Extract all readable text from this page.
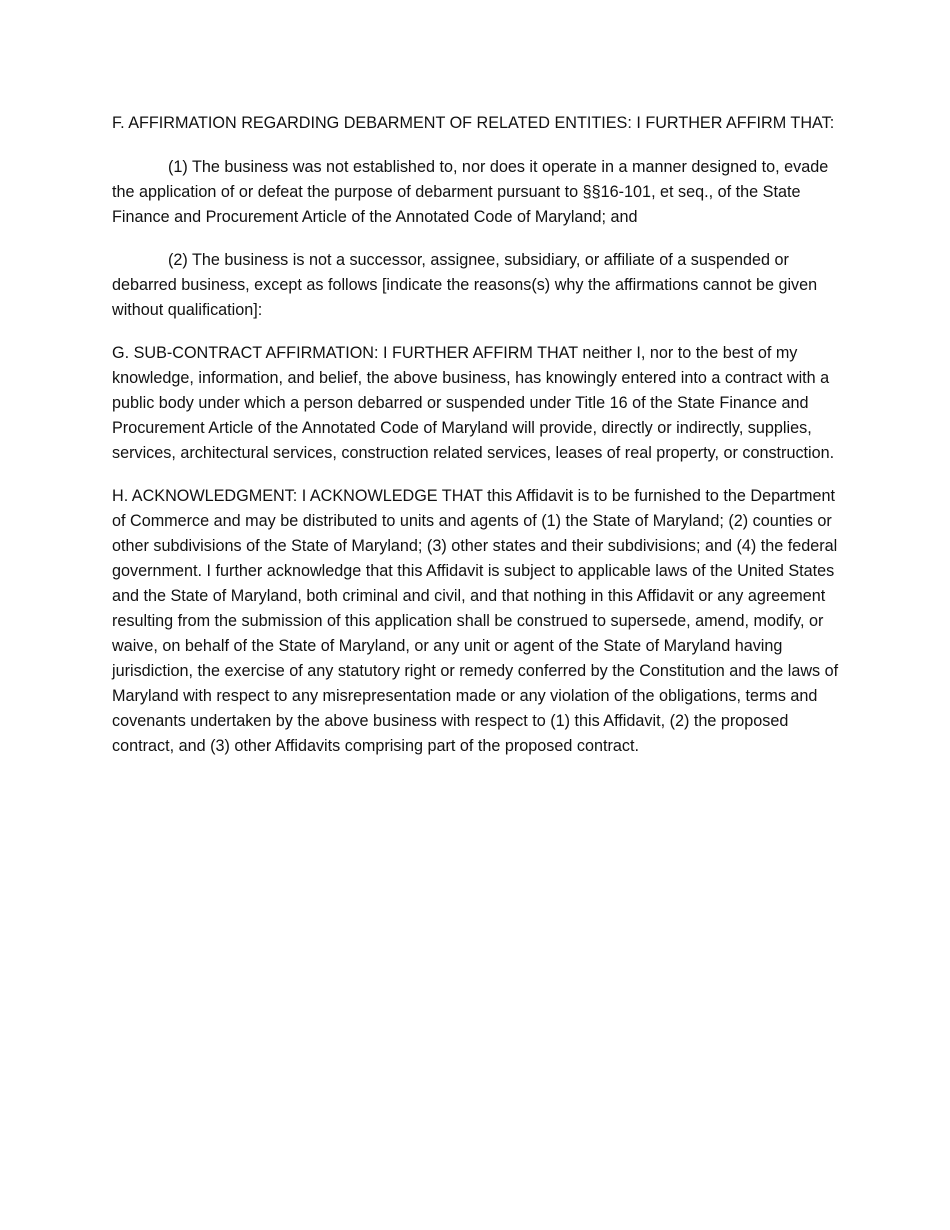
F. AFFIRMATION REGARDING DEBARMENT OF RELATED ENTITIES: I FURTHER AFFIRM THAT:

(1) The business was not established to, nor does it operate in a manner designed to, evade the application of or defeat the purpose of debarment pursuant to §§16-101, et seq., of the State Finance and Procurement Article of the Annotated Code of Maryland; and

(2) The business is not a successor, assignee, subsidiary, or affiliate of a suspended or debarred business, except as follows [indicate the reasons(s) why the affirmations cannot be given without qualification]:

G. SUB-CONTRACT AFFIRMATION: I FURTHER AFFIRM THAT neither I, nor to the best of my knowledge, information, and belief, the above business, has knowingly entered into a contract with a public body under which a person debarred or suspended under Title 16 of the State Finance and Procurement Article of the Annotated Code of Maryland will provide, directly or indirectly, supplies, services, architectural services, construction related services, leases of real property, or construction.

H. ACKNOWLEDGMENT: I ACKNOWLEDGE THAT this Affidavit is to be furnished to the Department of Commerce and may be distributed to units and agents of (1) the State of Maryland; (2) counties or other subdivisions of the State of Maryland; (3) other states and their subdivisions; and (4) the federal government. I further acknowledge that this Affidavit is subject to applicable laws of the United States and the State of Maryland, both criminal and civil, and that nothing in this Affidavit or any agreement resulting from the submission of this application shall be construed to supersede, amend, modify, or waive, on behalf of the State of Maryland, or any unit or agent of the State of Maryland having jurisdiction, the exercise of any statutory right or remedy conferred by the Constitution and the laws of Maryland with respect to any misrepresentation made or any violation of the obligations, terms and covenants undertaken by the above business with respect to (1) this Affidavit, (2) the proposed contract, and (3) other Affidavits comprising part of the proposed contract.
